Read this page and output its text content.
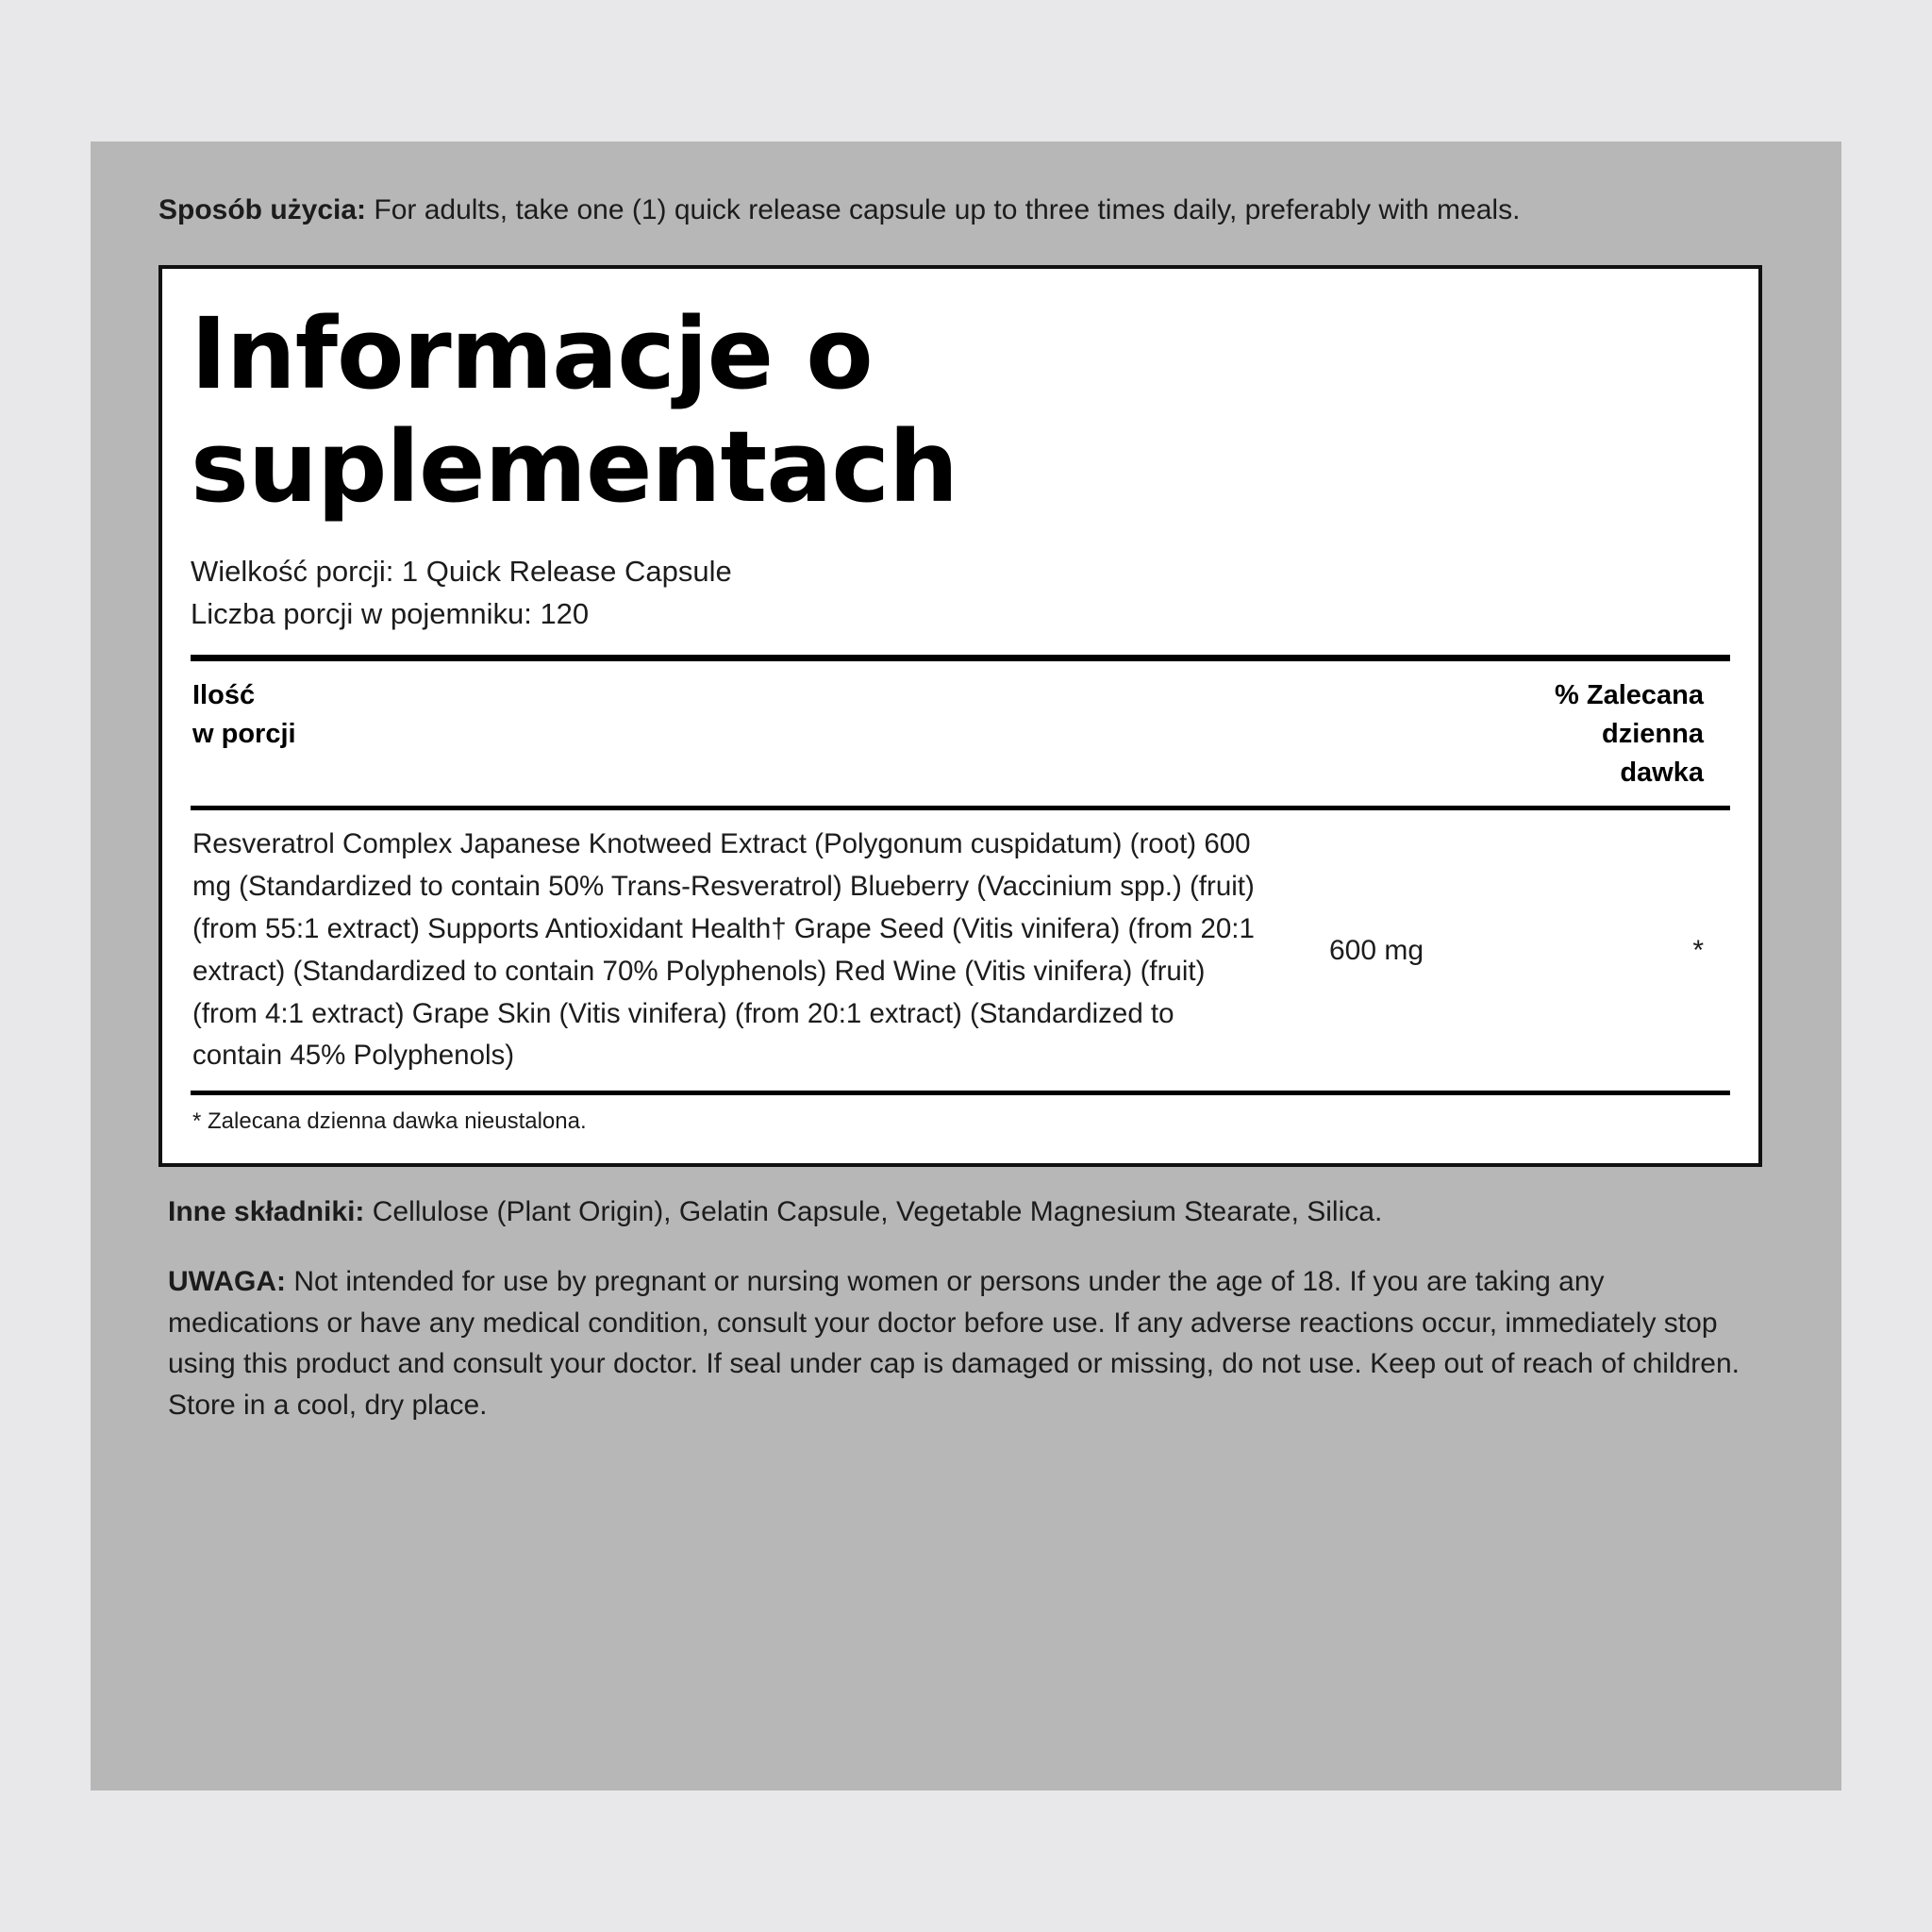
Sposób użycia: For adults, take one (1) quick release capsule up to three times daily, preferably with meals.

Informacje o suplementach
Wielkość porcji: 1 Quick Release Capsule
Liczba porcji w pojemniku: 120
Ilość
w porcji
% Zalecana
dzienna
dawka
Resveratrol Complex Japanese Knotweed Extract (Polygonum cuspidatum) (root) 600 mg (Standardized to contain 50% Trans-Resveratrol) Blueberry (Vaccinium spp.) (fruit) (from 55:1 extract) Supports Antioxidant Health† Grape Seed (Vitis vinifera) (from 20:1 extract) (Standardized to contain 70% Polyphenols) Red Wine (Vitis vinifera) (fruit) (from 4:1 extract) Grape Skin (Vitis vinifera) (from 20:1 extract) (Standardized to contain 45% Polyphenols)
600 mg	*
* Zalecana dzienna dawka nieustalona.

Inne składniki: Cellulose (Plant Origin), Gelatin Capsule, Vegetable Magnesium Stearate, Silica.

UWAGA: Not intended for use by pregnant or nursing women or persons under the age of 18. If you are taking any medications or have any medical condition, consult your doctor before use. If any adverse reactions occur, immediately stop using this product and consult your doctor. If seal under cap is damaged or missing, do not use. Keep out of reach of children. Store in a cool, dry place.
